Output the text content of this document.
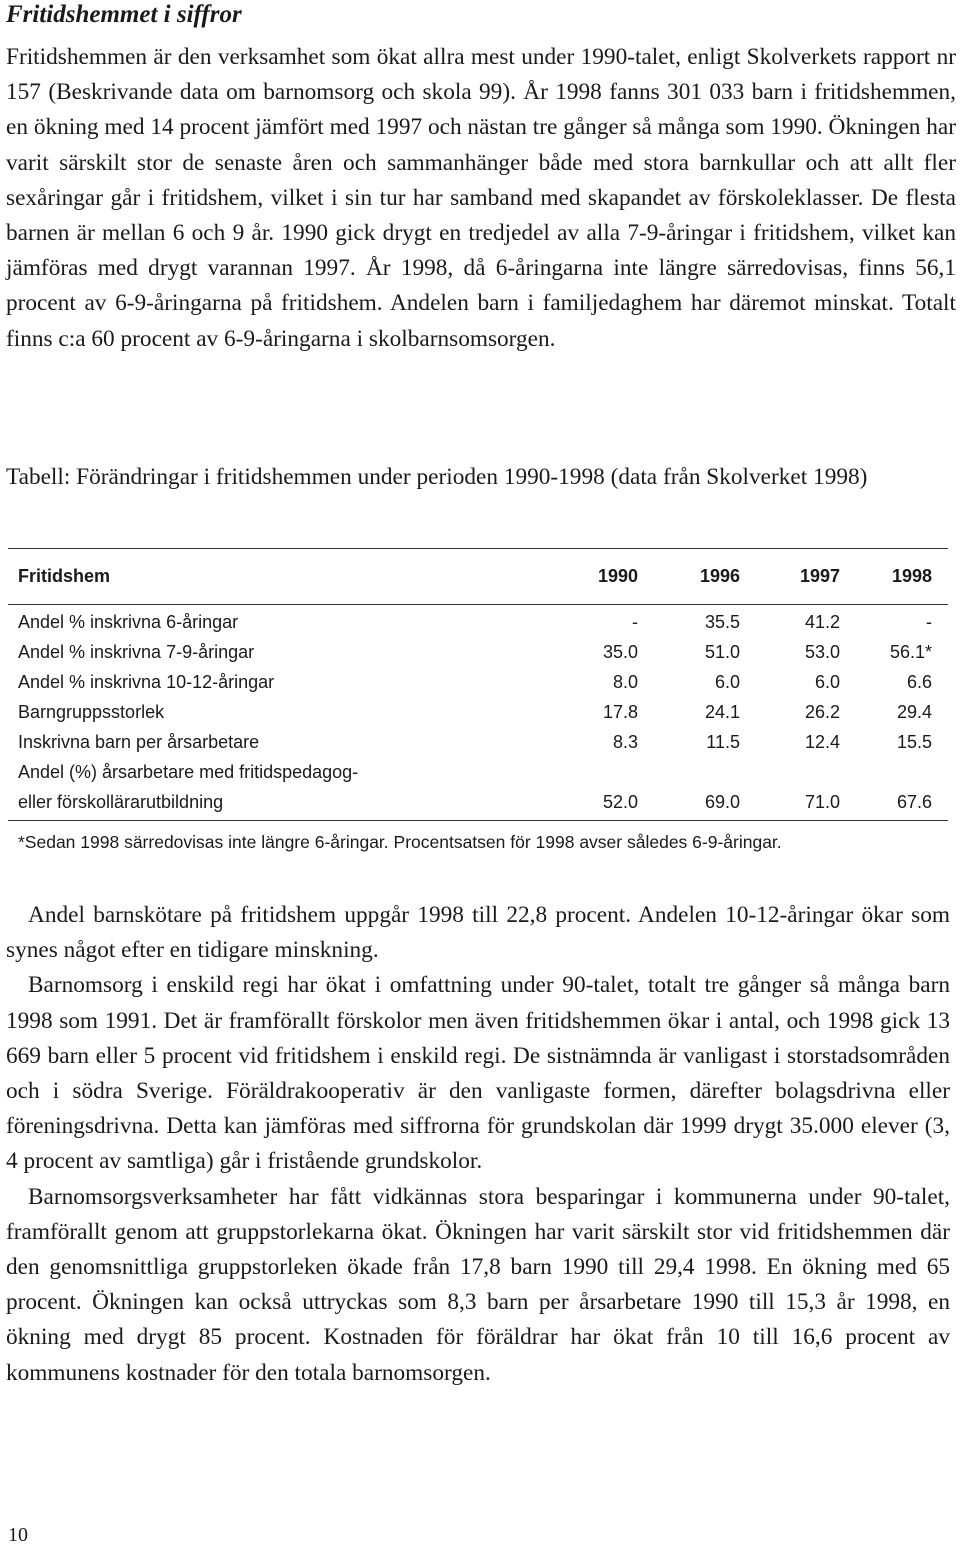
Fritidshemmet i siffror

Fritidshemmen är den verksamhet som ökat allra mest under 1990-talet, enligt Skolverkets rapport nr 157 (Beskrivande data om barnomsorg och skola 99). År 1998 fanns 301 033 barn i fritidshemmen, en ökning med 14 procent jämfört med 1997 och nästan tre gånger så många som 1990. Ökningen har varit särskilt stor de senaste åren och sammanhänger både med stora barnkullar och att allt fler sexåringar går i fritidshem, vilket i sin tur har samband med skapandet av förskoleklasser. De flesta barnen är mellan 6 och 9 år. 1990 gick drygt en tredjedel av alla 7-9-åringar i fritidshem, vilket kan jämföras med drygt varannan 1997. År 1998, då 6-åringarna inte längre särredovisas, finns 56,1 procent av 6-9-åringarna på fritidshem. Andelen barn i familjedaghem har däremot minskat. Totalt finns c:a 60 procent av 6-9-åringarna i skolbarnsomsorgen.

Tabell: Förändringar i fritidshemmen under perioden 1990-1998 (data från Skolverket 1998)

Fritidshem	1990	1996	1997	1998
Andel % inskrivna 6-åringar	-	35.5	41.2	-
Andel % inskrivna 7-9-åringar	35.0	51.0	53.0	56.1*
Andel % inskrivna 10-12-åringar	8.0	6.0	6.0	6.6
Barngruppsstorlek	17.8	24.1	26.2	29.4
Inskrivna barn per årsarbetare	8.3	11.5	12.4	15.5
Andel (%) årsarbetare med fritidspedagog-
eller förskollärarutbildning	52.0	69.0	71.0	67.6
*Sedan 1998 särredovisas inte längre 6-åringar. Procentsatsen för 1998 avser således 6-9-åringar.

Andel barnskötare på fritidshem uppgår 1998 till 22,8 procent. Andelen 10-12-åringar ökar som synes något efter en tidigare minskning.

Barnomsorg i enskild regi har ökat i omfattning under 90-talet, totalt tre gånger så många barn 1998 som 1991. Det är framförallt förskolor men även fritidshemmen ökar i antal, och 1998 gick 13 669 barn eller 5 procent vid fritidshem i enskild regi. De sistnämnda är vanligast i storstadsområden och i södra Sverige. Föräldrakooperativ är den vanligaste formen, därefter bolagsdrivna eller föreningsdrivna. Detta kan jämföras med siffrorna för grundskolan där 1999 drygt 35.000 elever (3, 4 procent av samtliga) går i fristående grundskolor.

Barnomsorgsverksamheter har fått vidkännas stora besparingar i kommunerna under 90-talet, framförallt genom att gruppstorlekarna ökat. Ökningen har varit särskilt stor vid fritidshemmen där den genomsnittliga gruppstorleken ökade från 17,8 barn 1990 till 29,4 1998. En ökning med 65 procent. Ökningen kan också uttryckas som 8,3 barn per årsarbetare 1990 till 15,3 år 1998, en ökning med drygt 85 procent. Kostnaden för föräldrar har ökat från 10 till 16,6 procent av kommunens kostnader för den totala barnomsorgen.

10
